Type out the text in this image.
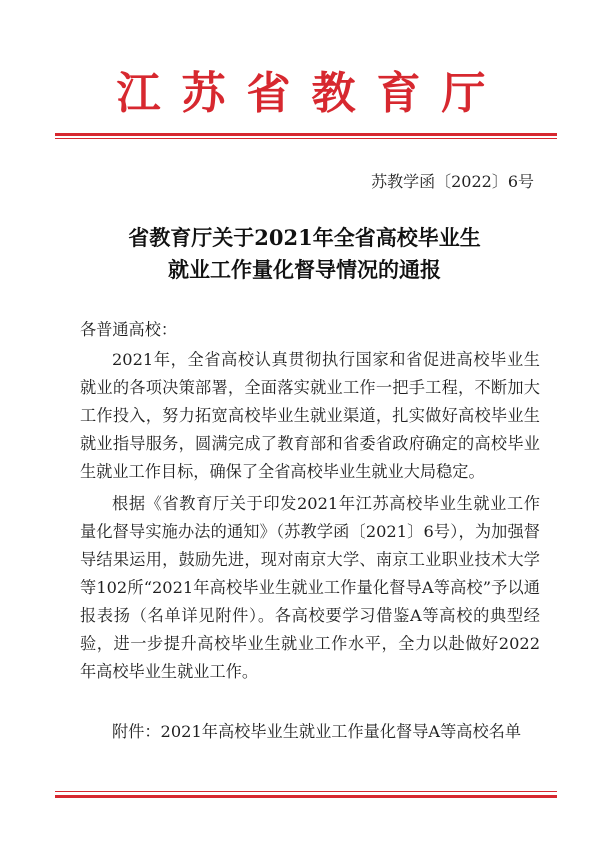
江苏省教育厅
苏教学函〔2022〕6号
省教育厅关于2021年全省高校毕业生
就业工作量化督导情况的通报
各普通高校：
2021年，全省高校认真贯彻执行国家和省促进高校毕业生就业的各项决策部署，全面落实就业工作一把手工程，不断加大工作投入，努力拓宽高校毕业生就业渠道，扎实做好高校毕业生就业指导服务，圆满完成了教育部和省委省政府确定的高校毕业生就业工作目标，确保了全省高校毕业生就业大局稳定。
根据《省教育厅关于印发2021年江苏高校毕业生就业工作量化督导实施办法的通知》（苏教学函〔2021〕6号），为加强督导结果运用，鼓励先进，现对南京大学、南京工业职业技术大学等102所“2021年高校毕业生就业工作量化督导A等高校”予以通报表扬（名单详见附件）。各高校要学习借鉴A等高校的典型经验，进一步提升高校毕业生就业工作水平，全力以赴做好2022年高校毕业生就业工作。
附件：2021年高校毕业生就业工作量化督导A等高校名单
